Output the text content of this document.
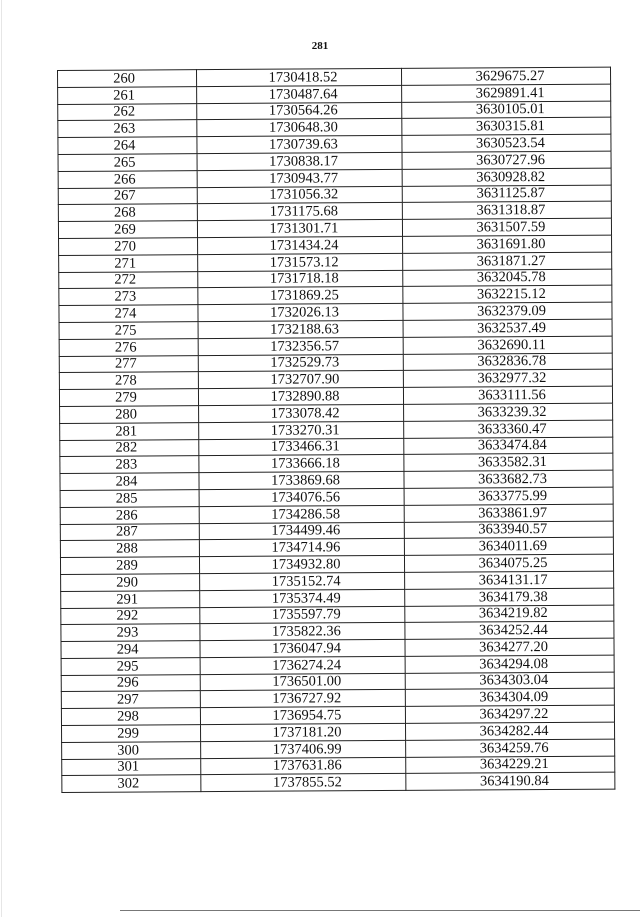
281
260	1730418.52	3629675.27
261	1730487.64	3629891.41
262	1730564.26	3630105.01
263	1730648.30	3630315.81
264	1730739.63	3630523.54
265	1730838.17	3630727.96
266	1730943.77	3630928.82
267	1731056.32	3631125.87
268	1731175.68	3631318.87
269	1731301.71	3631507.59
270	1731434.24	3631691.80
271	1731573.12	3631871.27
272	1731718.18	3632045.78
273	1731869.25	3632215.12
274	1732026.13	3632379.09
275	1732188.63	3632537.49
276	1732356.57	3632690.11
277	1732529.73	3632836.78
278	1732707.90	3632977.32
279	1732890.88	3633111.56
280	1733078.42	3633239.32
281	1733270.31	3633360.47
282	1733466.31	3633474.84
283	1733666.18	3633582.31
284	1733869.68	3633682.73
285	1734076.56	3633775.99
286	1734286.58	3633861.97
287	1734499.46	3633940.57
288	1734714.96	3634011.69
289	1734932.80	3634075.25
290	1735152.74	3634131.17
291	1735374.49	3634179.38
292	1735597.79	3634219.82
293	1735822.36	3634252.44
294	1736047.94	3634277.20
295	1736274.24	3634294.08
296	1736501.00	3634303.04
297	1736727.92	3634304.09
298	1736954.75	3634297.22
299	1737181.20	3634282.44
300	1737406.99	3634259.76
301	1737631.86	3634229.21
302	1737855.52	3634190.84
